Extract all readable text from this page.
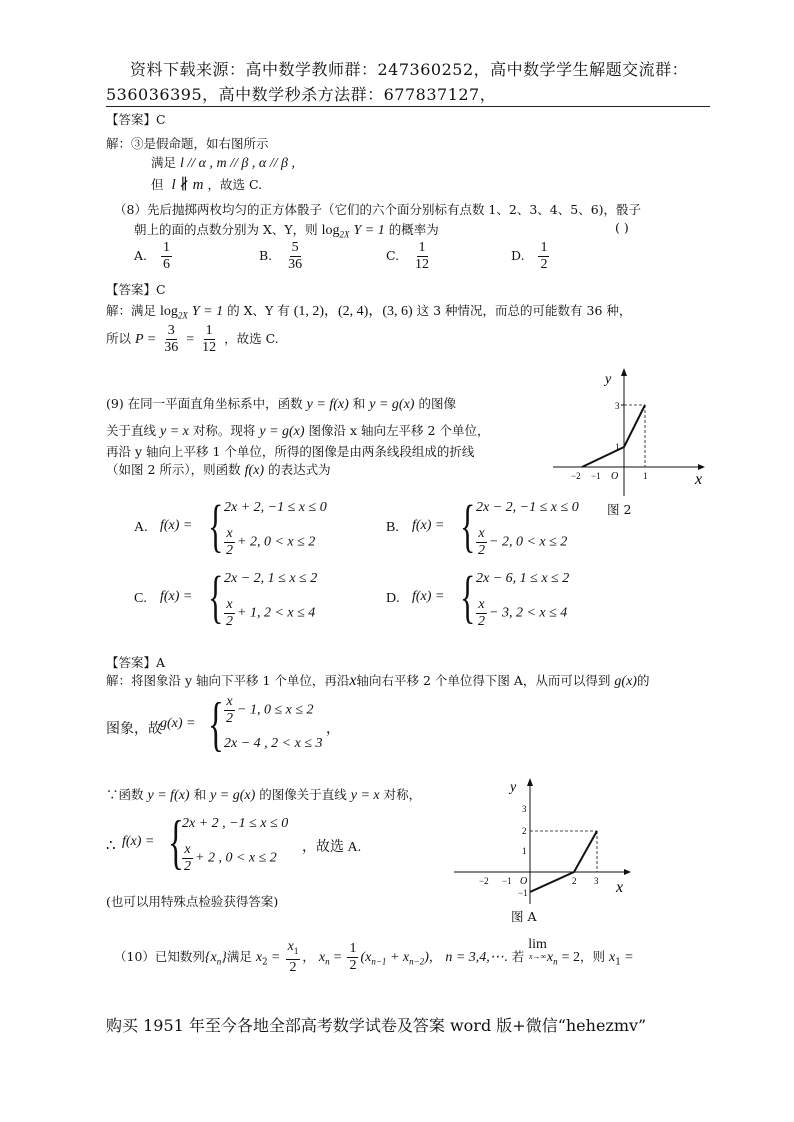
资料下载来源：高中数学教师群：247360252，高中数学学生解题交流群：
536036395，高中数学秒杀方法群：677837127，
【答案】C
解：③是假命题，如右图所示
满足 l // α , m // β , α // β ,
但 l ∦ m ，故选 C.
（8）先后抛掷两枚均匀的正方体骰子（它们的六个面分别标有点数 1、2、3、4、5、6)，骰子
朝上的面的点数分别为 X、Y，则 $\log_{2X} Y = 1$ 的概率为	( )
A. $\frac{1}{6}$	B. $\frac{5}{36}$	C. $\frac{1}{12}$	D. $\frac{1}{2}$
【答案】C
解：满足 $\log_{2X} Y = 1$ 的 X、Y 有 (1, 2)，(2, 4)，(3, 6) 这 3 种情况，而总的可能数有 36 种，
所以 $P = \frac{3}{36} = \frac{1}{12}$ ，故选 C.
(9) 在同一平面直角坐标系中，函数 y = f(x) 和 y = g(x) 的图像
关于直线 y = x 对称。现将 y = g(x) 图像沿 x 轴向左平移 2 个单位，
再沿 y 轴向上平移 1 个单位，所得的图像是由两条线段组成的折线
（如图 2 所示），则函数 f(x) 的表达式为
y
x
O
3
1
−2 −1	1
图 2
A. f(x) = { 2x + 2, −1 ≤ x ≤ 0
$\frac{x}{2} + 2$, 0 < x ≤ 2
B. f(x) = { 2x − 2, −1 ≤ x ≤ 0
$\frac{x}{2} - 2$, 0 < x ≤ 2
C. f(x) = { 2x − 2, 1 ≤ x ≤ 2
$\frac{x}{2} + 1$, 2 < x ≤ 4
D. f(x) = { 2x − 6, 1 ≤ x ≤ 2
$\frac{x}{2} - 3$, 2 < x ≤ 4
【答案】A
解：将图象沿 y 轴向下平移 1 个单位，再沿x轴向右平移 2 个单位得下图 A，从而可以得到 g(x)的
图象，故
g(x) = { $\frac{x}{2} - 1$, 0 ≤ x ≤ 2
2x − 4 , 2 < x ≤ 3
，
∵函数 y = f(x) 和 y = g(x) 的图像关于直线 y = x 对称，
∴ f(x) = {
2x + 2 , −1 ≤ x ≤ 0
$\frac{x}{2} + 2$ , 0 < x ≤ 2
，故选 A.
(也可以用特殊点检验获得答案)
y
x
O
3
2
1
−1
−2 −1	2 3
图 A
（10）已知数列$\{x_n\}$满足 $x_2 = \frac{x_1}{2}$ ， $x_n = \frac{1}{2} (x_{n-1} + x_{n-2})$， n = 3,4,⋯. 若
lim
x→∞ $x_n = 2$，则 $x_1$ =
购买 1951 年至今各地全部高考数学试卷及答案 word 版+微信“hehezmv”
